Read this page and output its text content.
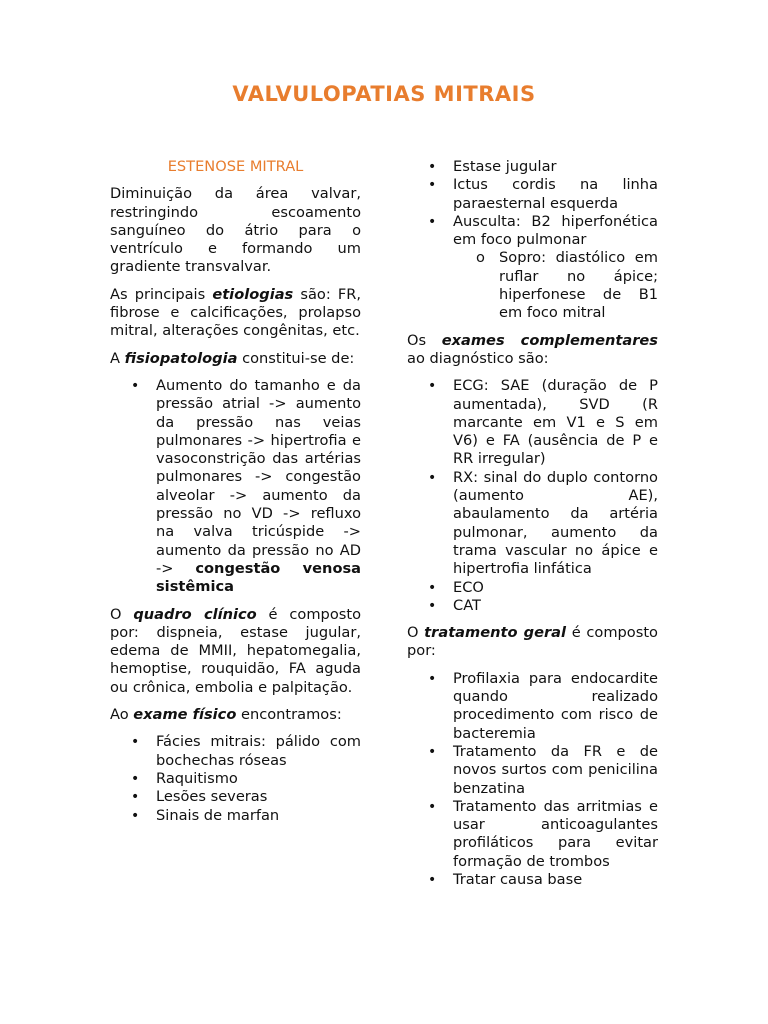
VALVULOPATIAS MITRAIS
ESTENOSE MITRAL

Diminuição da área valvar, restringindo escoamento sanguíneo do átrio para o ventrículo e formando um gradiente transvalvar.

As principais etiologias são: FR, fibrose e calcificações, prolapso mitral, alterações congênitas, etc.

A fisiopatologia constitui-se de:

• Aumento do tamanho e da pressão atrial -> aumento da pressão nas veias pulmonares -> hipertrofia e vasoconstrição das artérias pulmonares -> congestão alveolar -> aumento da pressão no VD -> refluxo na valva tricúspide -> aumento da pressão no AD -> congestão venosa sistêmica

O quadro clínico é composto por: dispneia, estase jugular, edema de MMII, hepatomegalia, hemoptise, rouquidão, FA aguda ou crônica, embolia e palpitação.

Ao exame físico encontramos:

• Fácies mitrais: pálido com bochechas róseas
• Raquitismo
• Lesões severas
• Sinais de marfan
• Estase jugular
• Ictus cordis na linha paraesternal esquerda
• Ausculta: B2 hiperfonética em foco pulmonar
o Sopro: diastólico em ruflar no ápice; hiperfonese de B1 em foco mitral

Os exames complementares ao diagnóstico são:

• ECG: SAE (duração de P aumentada), SVD (R marcante em V1 e S em V6) e FA (ausência de P e RR irregular)
• RX: sinal do duplo contorno (aumento AE), abaulamento da artéria pulmonar, aumento da trama vascular no ápice e hipertrofia linfática
• ECO
• CAT

O tratamento geral é composto por:

• Profilaxia para endocardite quando realizado procedimento com risco de bacteremia
• Tratamento da FR e de novos surtos com penicilina benzatina
• Tratamento das arritmias e usar anticoagulantes profiláticos para evitar formação de trombos
• Tratar causa base
